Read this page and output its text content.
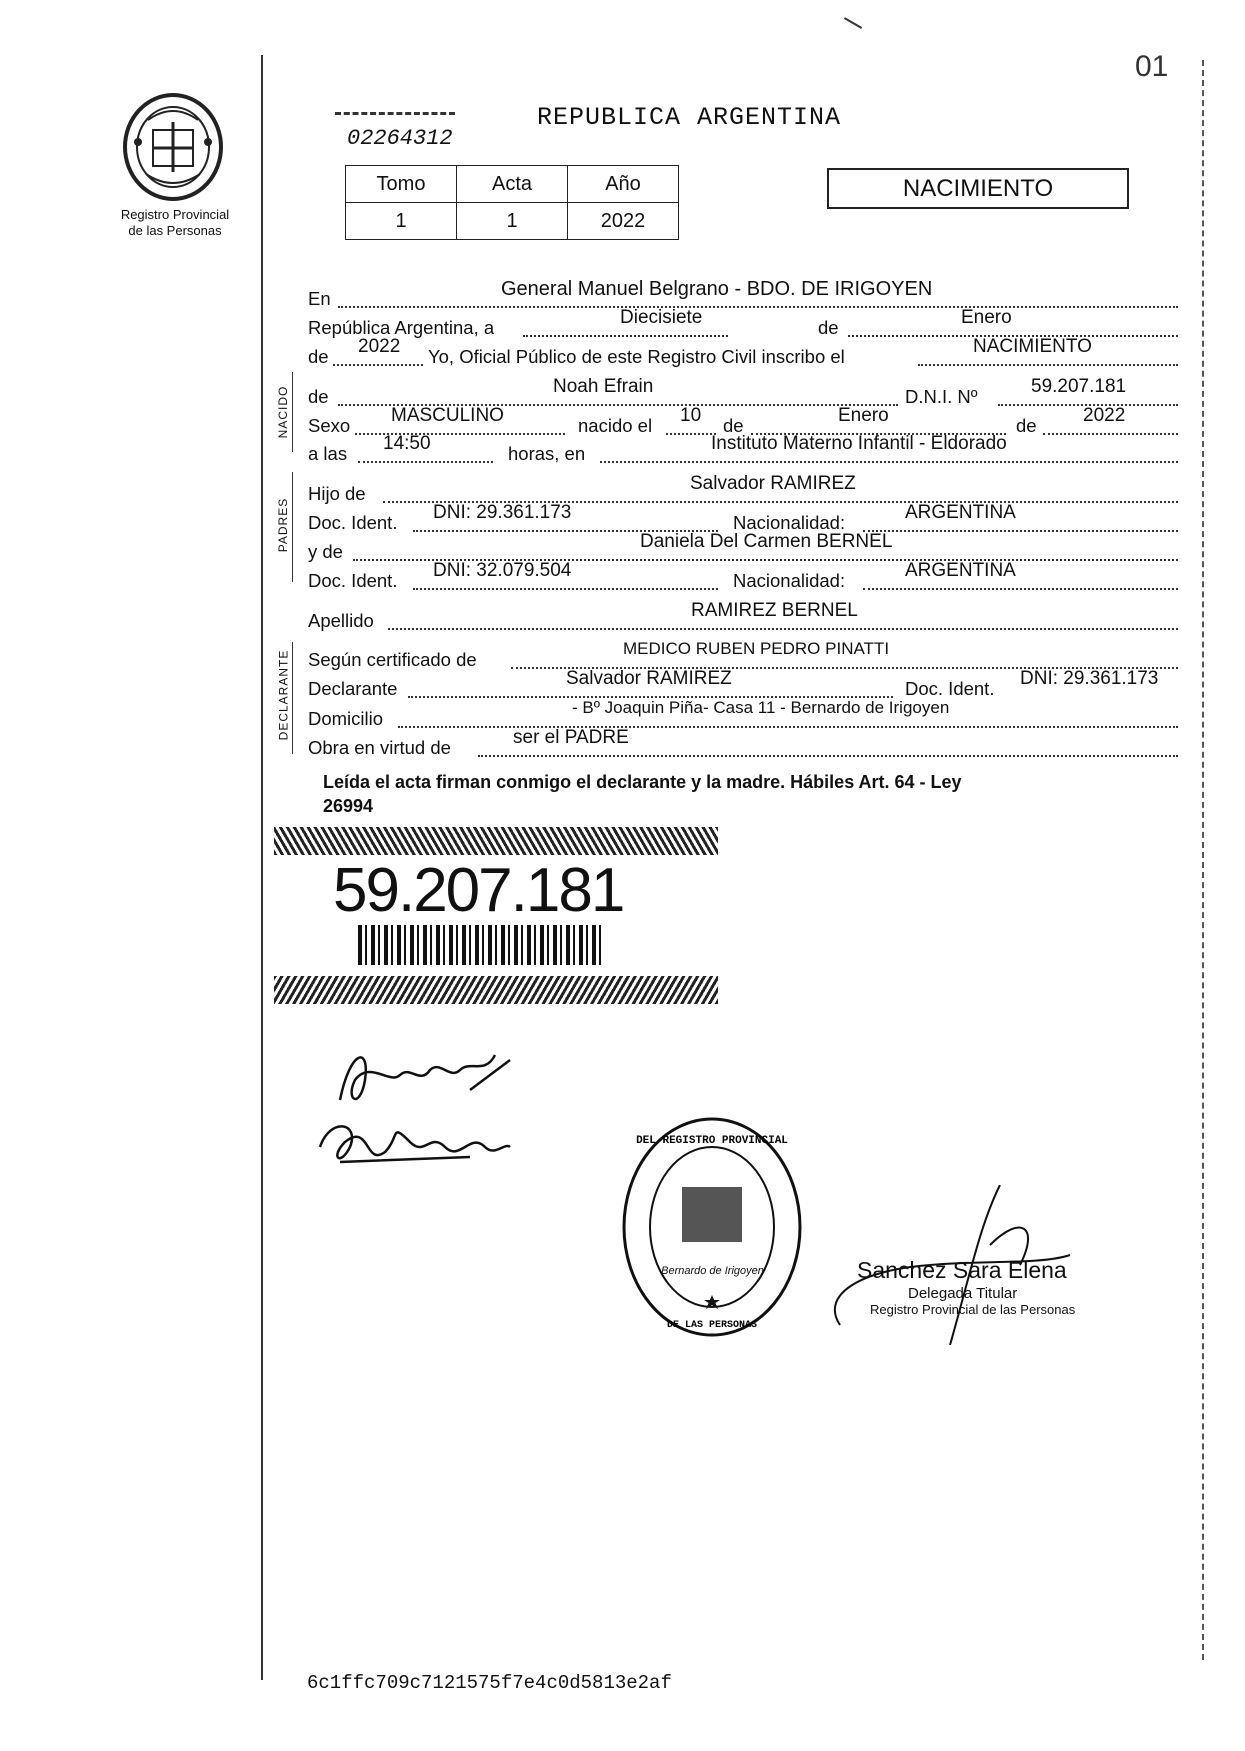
01
Registro Provincial
de las Personas
02264312
REPUBLICA ARGENTINA
Tomo	Acta	Año
1	1	2022
NACIMIENTO
NACIDO
PADRES
DECLARANTE
En	General Manuel Belgrano - BDO. DE IRIGOYEN
República Argentina, a	Diecisiete	de	Enero
de 2022 Yo, Oficial Público de este Registro Civil inscribo el	NACIMIENTO
de	Noah Efrain	D.N.I. Nº	59.207.181
Sexo MASCULINO	nacido el 10 de	Enero	de 2022
a las 14:50	horas, en	Instituto Materno Infantil - Eldorado
Hijo de	Salvador RAMIREZ
Doc. Ident. DNI: 29.361.173	Nacionalidad:	ARGENTINA
y de	Daniela Del Carmen BERNEL
Doc. Ident. DNI: 32.079.504	Nacionalidad:	ARGENTINA
Apellido	RAMIREZ BERNEL
Según certificado de
MEDICO RUBEN PEDRO PINATTI
Declarante	Salvador RAMIREZ	Doc. Ident. DNI: 29.361.173
Domicilio
- Bº Joaquin Piña- Casa 11 - Bernardo de Irigoyen
Obra en virtud de	ser el PADRE
Leída el acta firman conmigo el declarante y la madre. Hábiles Art. 64 - Ley
26994
59.207.181
DEL REGISTRO PROVINCIAL
DE LAS PERSONAS
Bernardo de Irigoyen	Sanchez Sara Elena
Delegada Titular
Registro Provincial de las Personas
6c1ffc709c7121575f7e4c0d5813e2af
